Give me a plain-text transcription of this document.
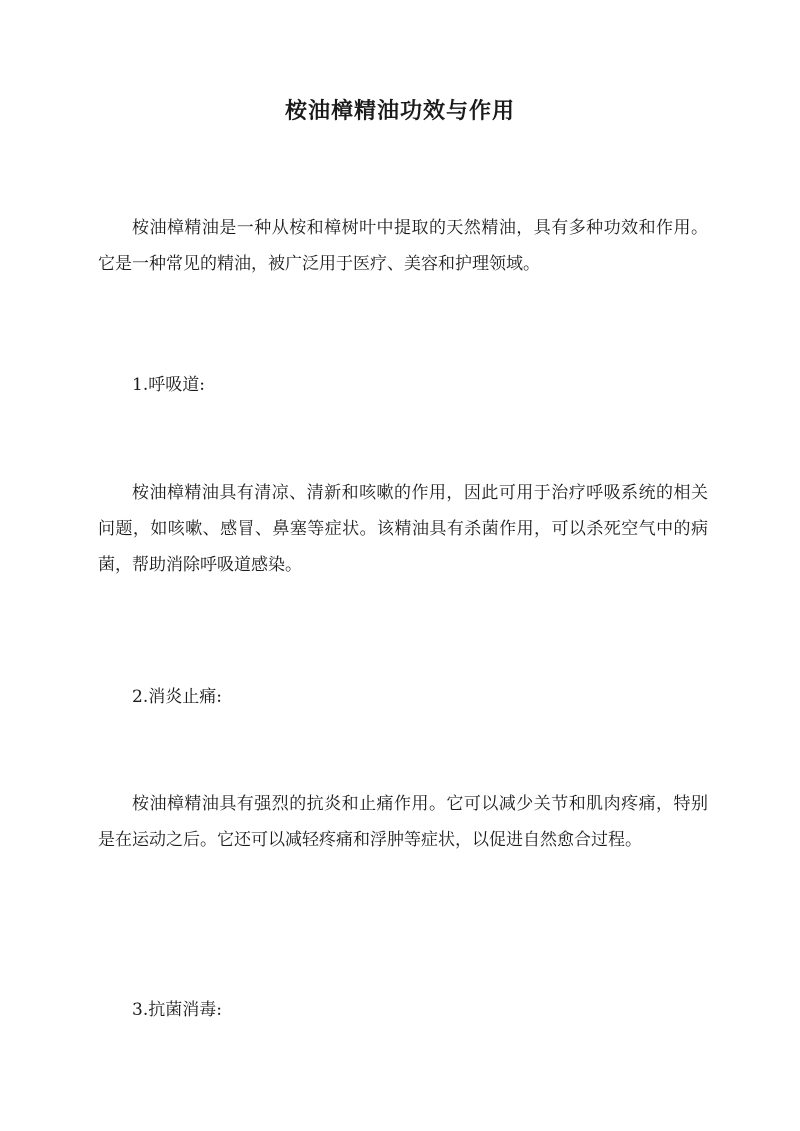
桉油樟精油功效与作用

桉油樟精油是一种从桉和樟树叶中提取的天然精油，具有多种功效和作用。它是一种常见的精油，被广泛用于医疗、美容和护理领域。

1.呼吸道:

桉油樟精油具有清凉、清新和咳嗽的作用，因此可用于治疗呼吸系统的相关问题，如咳嗽、感冒、鼻塞等症状。该精油具有杀菌作用，可以杀死空气中的病菌，帮助消除呼吸道感染。

2.消炎止痛:

桉油樟精油具有强烈的抗炎和止痛作用。它可以减少关节和肌肉疼痛，特别是在运动之后。它还可以减轻疼痛和浮肿等症状，以促进自然愈合过程。

3.抗菌消毒:
